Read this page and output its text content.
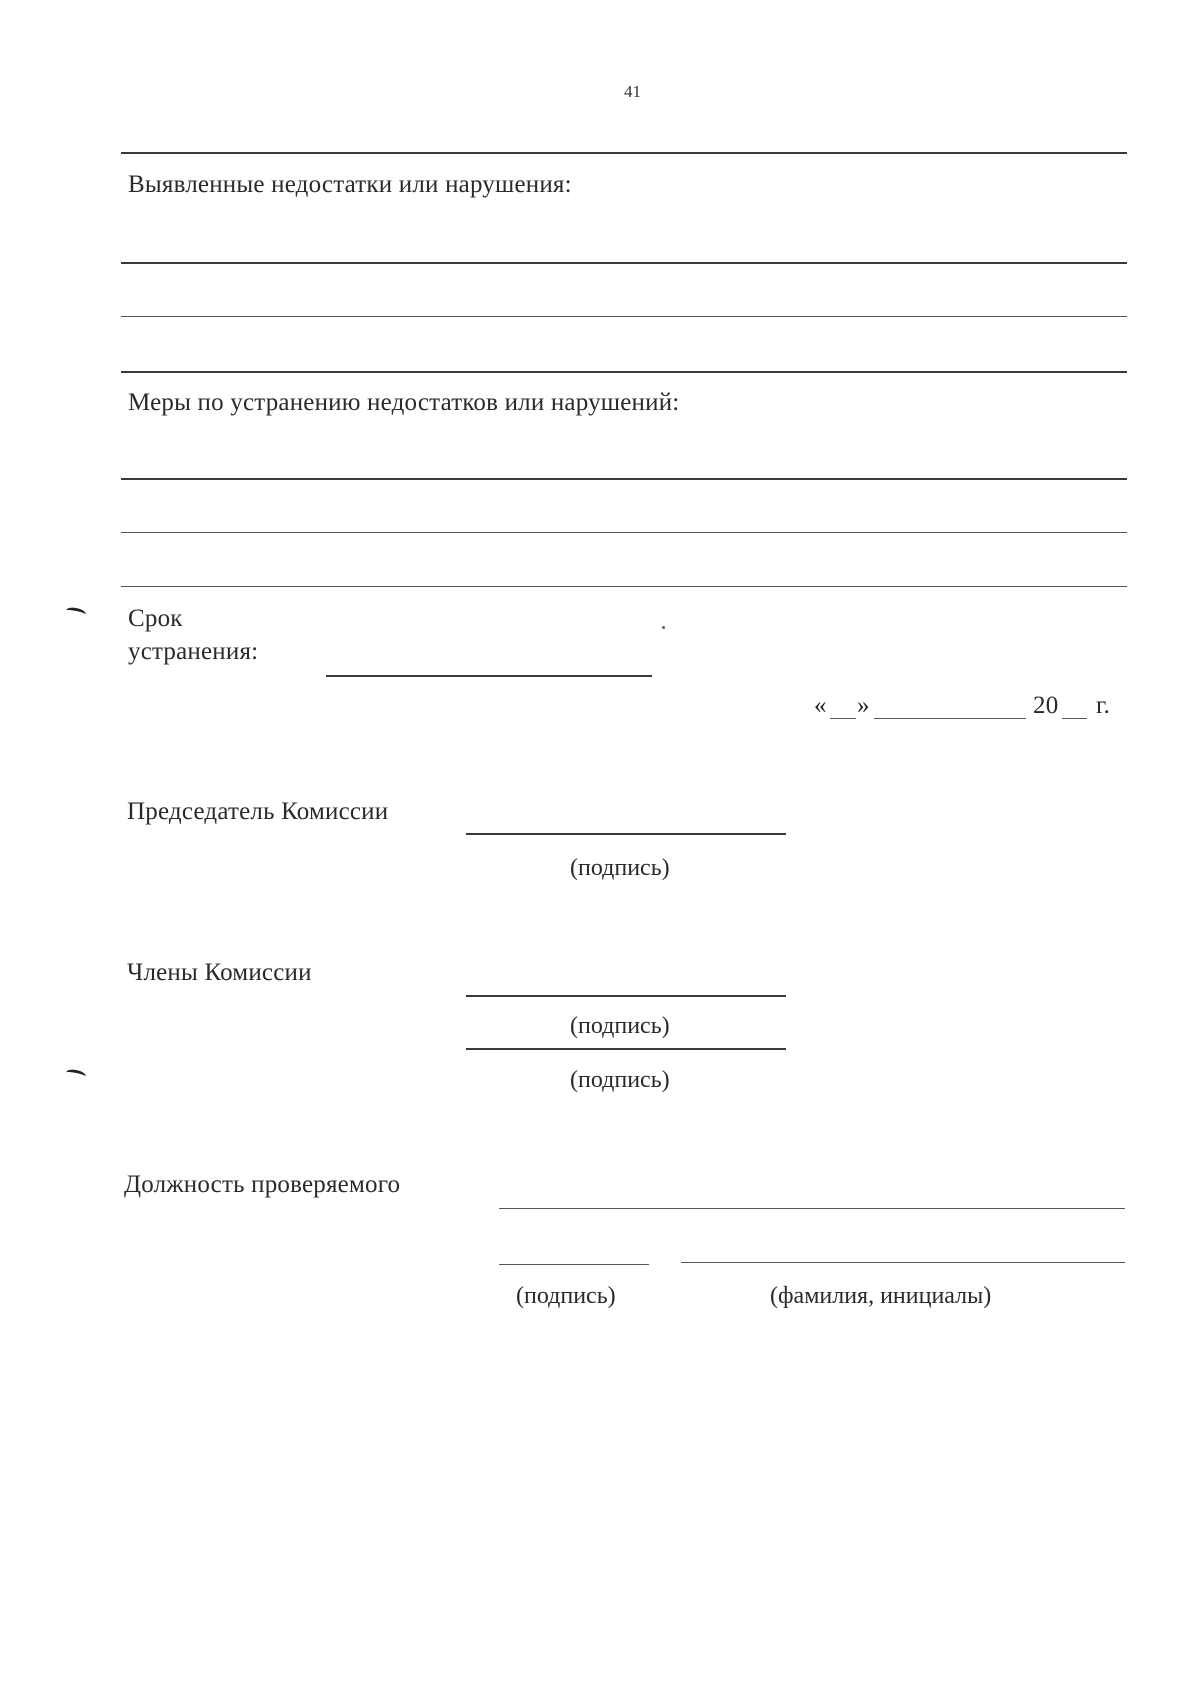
41
Выявленные недостатки или нарушения:
Меры по устранению недостатков или нарушений:
Срок
устранения:
« »	20 г.
Председатель Комиссии
(подпись)
Члены Комиссии
(подпись)
(подпись)
Должность проверяемого
(подпись)	(фамилия, инициалы)
